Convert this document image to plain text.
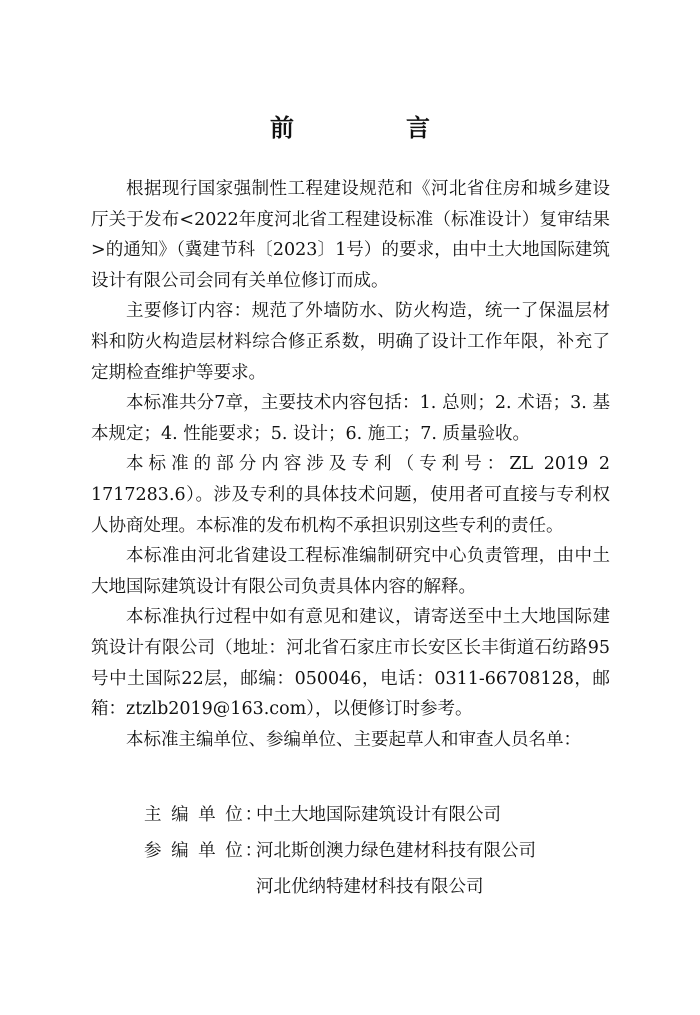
前　言

根据现行国家强制性工程建设规范和《河北省住房和城乡建设厅关于发布<2022年度河北省工程建设标准（标准设计）复审结果>的通知》（冀建节科〔2023〕1号）的要求，由中土大地国际建筑设计有限公司会同有关单位修订而成。

主要修订内容：规范了外墙防水、防火构造，统一了保温层材料和防火构造层材料综合修正系数，明确了设计工作年限，补充了定期检查维护等要求。

本标准共分7章，主要技术内容包括：1. 总则；2. 术语；3. 基本规定；4. 性能要求；5. 设计；6. 施工；7. 质量验收。

本标准的部分内容涉及专利（专利号：ZL 2019 2 1717283.6）。涉及专利的具体技术问题，使用者可直接与专利权人协商处理。本标准的发布机构不承担识别这些专利的责任。

本标准由河北省建设工程标准编制研究中心负责管理，由中土大地国际建筑设计有限公司负责具体内容的解释。

本标准执行过程中如有意见和建议，请寄送至中土大地国际建筑设计有限公司（地址：河北省石家庄市长安区长丰街道石纺路95号中土国际22层，邮编：050046，电话：0311-66708128，邮箱：ztzlb2019@163.com），以便修订时参考。

本标准主编单位、参编单位、主要起草人和审查人员名单：

主 编 单 位：
中土大地国际建筑设计有限公司
参 编 单 位：
河北斯创澳力绿色建材科技有限公司
河北优纳特建材科技有限公司
